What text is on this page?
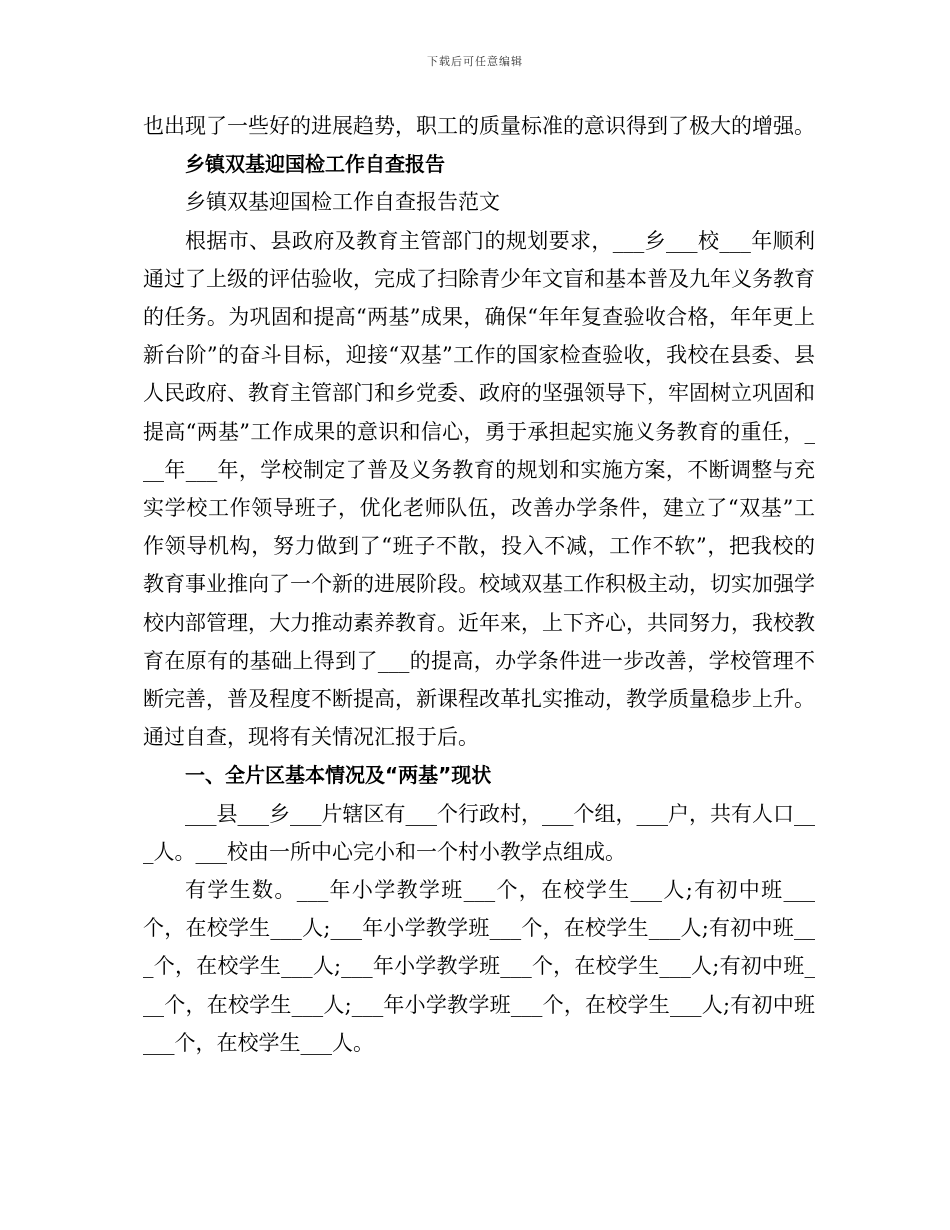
下载后可任意编辑

也出现了一些好的进展趋势，职工的质量标准的意识得到了极大的增强。

乡镇双基迎国检工作自查报告

乡镇双基迎国检工作自查报告范文

根据市、县政府及教育主管部门的规划要求，___乡___校___年顺利通过了上级的评估验收，完成了扫除青少年文盲和基本普及九年义务教育的任务。为巩固和提高“两基”成果，确保“年年复查验收合格，年年更上新台阶”的奋斗目标，迎接“双基”工作的国家检查验收，我校在县委、县人民政府、教育主管部门和乡党委、政府的坚强领导下，牢固树立巩固和提高“两基”工作成果的意识和信心，勇于承担起实施义务教育的重任，___年___年，学校制定了普及义务教育的规划和实施方案，不断调整与充实学校工作领导班子，优化老师队伍，改善办学条件，建立了“双基”工作领导机构，努力做到了“班子不散，投入不减，工作不软”，把我校的教育事业推向了一个新的进展阶段。校域双基工作积极主动，切实加强学校内部管理，大力推动素养教育。近年来，上下齐心，共同努力，我校教育在原有的基础上得到了___的提高，办学条件进一步改善，学校管理不断完善，普及程度不断提高，新课程改革扎实推动，教学质量稳步上升。通过自查，现将有关情况汇报于后。

一、全片区基本情况及“两基”现状

___县___乡___片辖区有___个行政村，___个组，___户，共有人口___人。___校由一所中心完小和一个村小教学点组成。

有学生数。___年小学教学班___个，在校学生___人;有初中班___个，在校学生___人;___年小学教学班___个，在校学生___人;有初中班___个，在校学生___人;___年小学教学班___个，在校学生___人;有初中班___个，在校学生___人;___年小学教学班___个，在校学生___人;有初中班___个，在校学生___人。
